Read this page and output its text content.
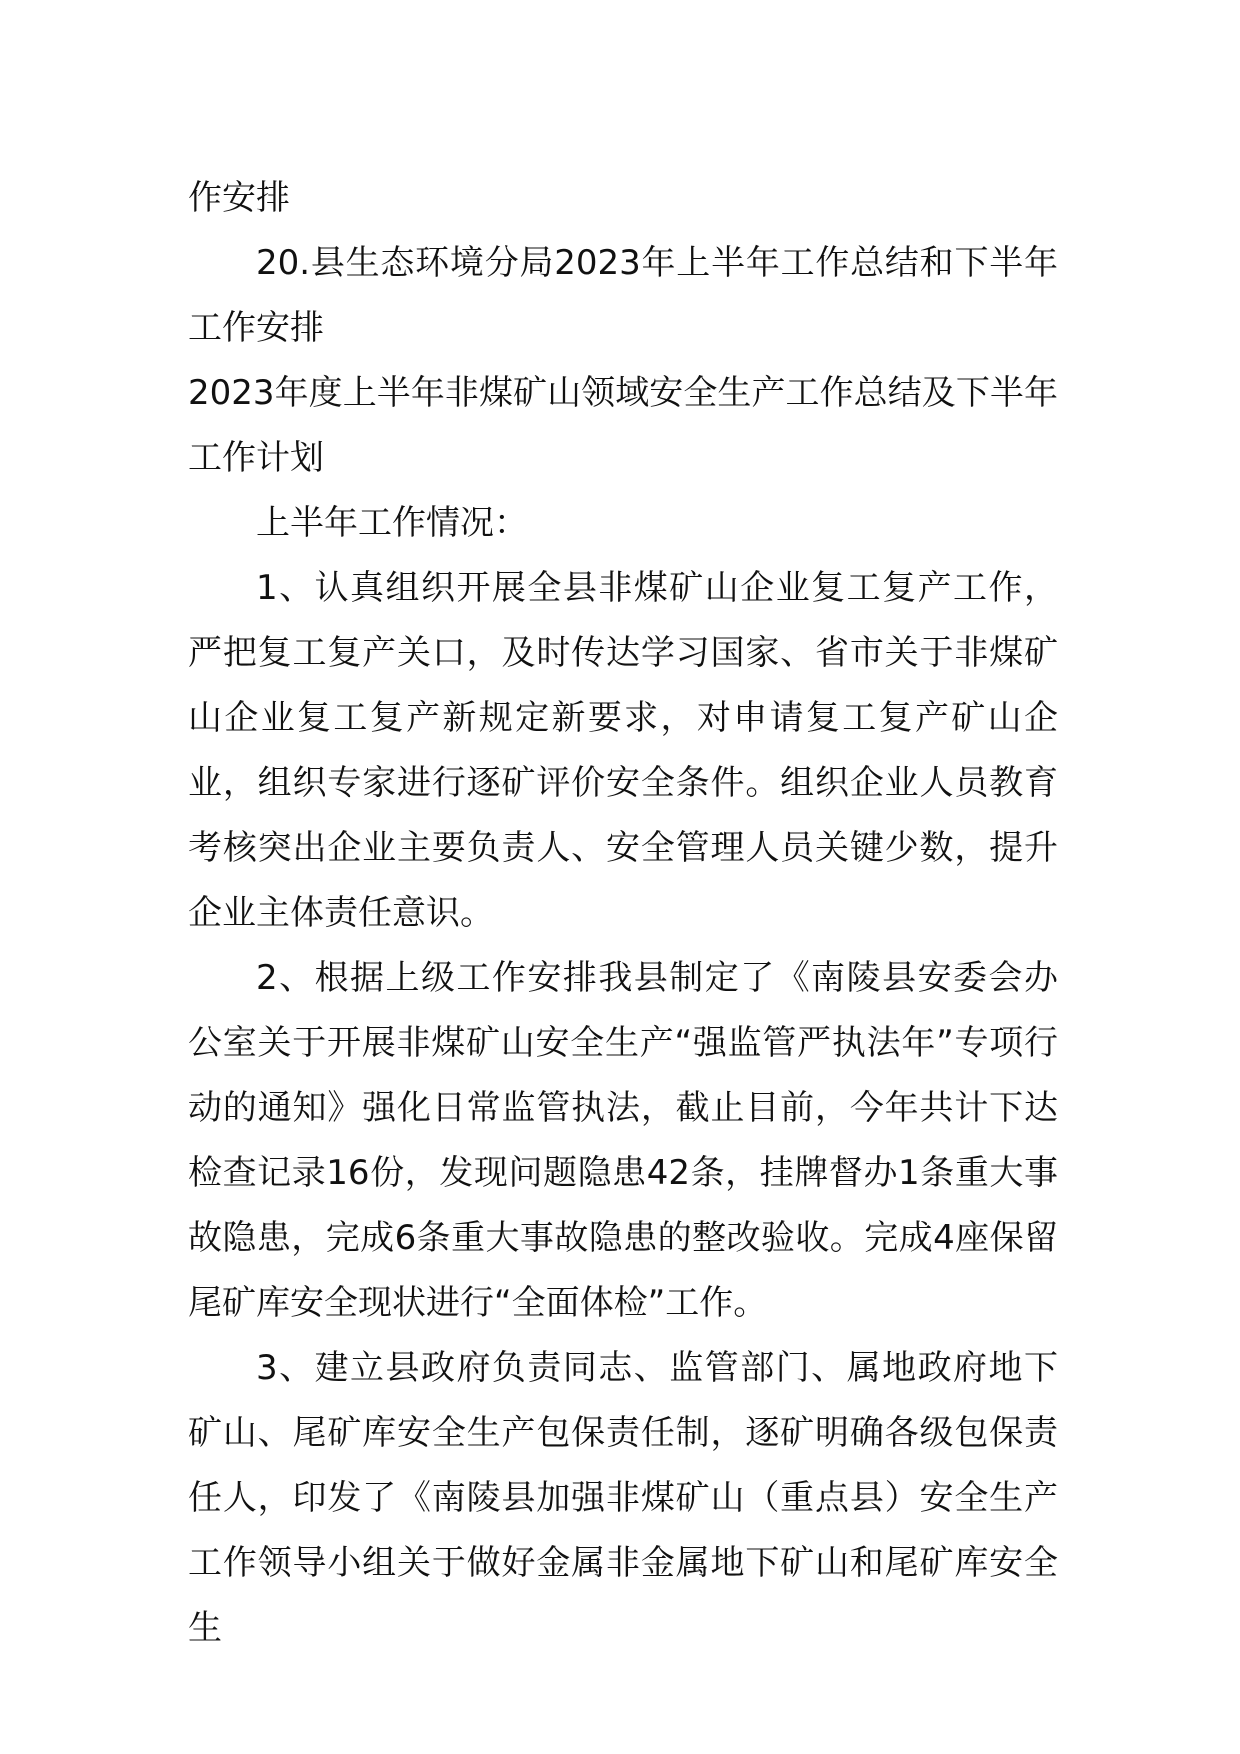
作安排

20.县生态环境分局2023年上半年工作总结和下半年工作安排

2023年度上半年非煤矿山领域安全生产工作总结及下半年工作计划

上半年工作情况：

1、认真组织开展全县非煤矿山企业复工复产工作，严把复工复产关口，及时传达学习国家、省市关于非煤矿山企业复工复产新规定新要求，对申请复工复产矿山企业，组织专家进行逐矿评价安全条件。组织企业人员教育考核突出企业主要负责人、安全管理人员关键少数，提升企业主体责任意识。

2、根据上级工作安排我县制定了《南陵县安委会办公室关于开展非煤矿山安全生产“强监管严执法年”专项行动的通知》强化日常监管执法，截止目前，今年共计下达检查记录16份，发现问题隐患42条，挂牌督办1条重大事故隐患，完成6条重大事故隐患的整改验收。完成4座保留尾矿库安全现状进行“全面体检”工作。

3、建立县政府负责同志、监管部门、属地政府地下矿山、尾矿库安全生产包保责任制，逐矿明确各级包保责任人，印发了《南陵县加强非煤矿山（重点县）安全生产工作领导小组关于做好金属非金属地下矿山和尾矿库安全生
